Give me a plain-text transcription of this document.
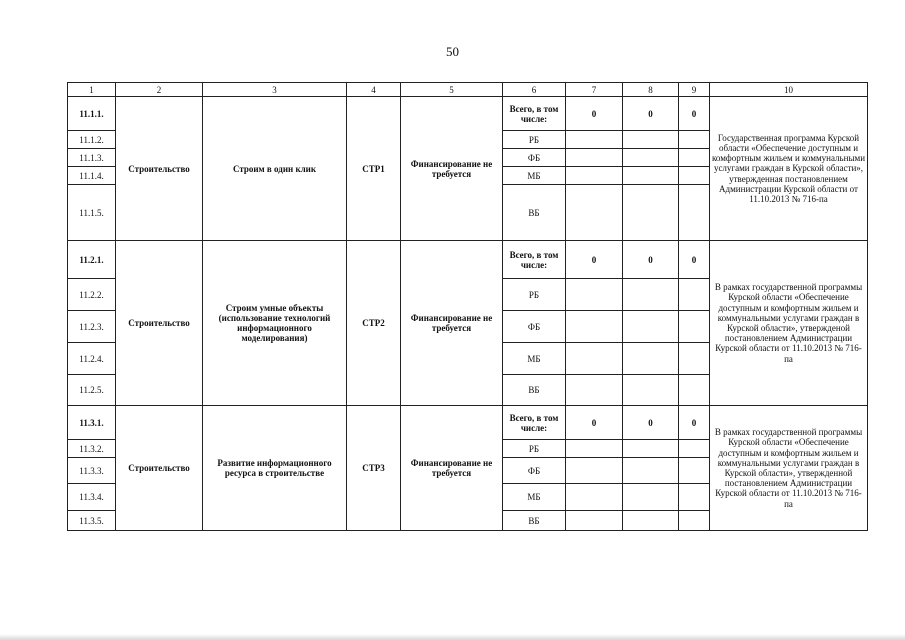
50
1	2	3	4	5	6	7	8	9	10
11.1.1.	Строительство	Строим в один клик	СТР1	Финансирование не требуется	Всего, в том числе:	0	0	0	Государственная программа Курской области «Обеспечение доступным и комфортным жильем и коммунальными услугами граждан в Курской области», утвержденная постановлением Администрации Курской области от 11.10.2013 № 716-па
11.1.2.					РБ				
11.1.3.					ФБ				
11.1.4.					МБ				
11.1.5.					ВБ				
11.2.1.	Строительство	Строим умные объекты (использование технологий информационного моделирования)	СТР2	Финансирование не требуется	Всего, в том числе:	0	0	0	В рамках государственной программы Курской области «Обеспечение доступным и комфортным жильем и коммунальными услугами граждан в Курской области», утвержденой постановлением Администрации Курской области от 11.10.2013 № 716-па
11.2.2.					РБ				
11.2.3.					ФБ				
11.2.4.					МБ				
11.2.5.					ВБ				
11.3.1.	Строительство	Развитие информационного ресурса в строительстве	СТР3	Финансирование не требуется	Всего, в том числе:	0	0	0	В рамках государственной программы Курской области «Обеспечение доступным и комфортным жильем и коммунальными услугами граждан в Курской области», утвержденной постановлением Администрации Курской области от 11.10.2013 № 716-па
11.3.2.					РБ				
11.3.3.					ФБ				
11.3.4.					МБ				
11.3.5.					ВБ				
